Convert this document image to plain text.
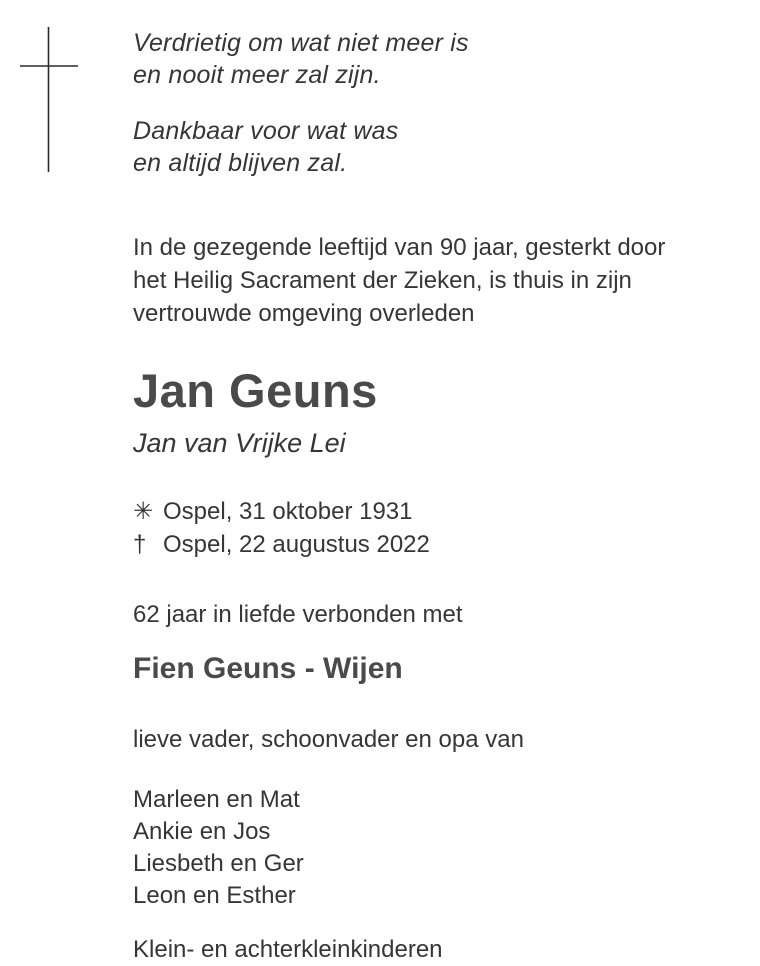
Verdrietig om wat niet meer is
en nooit meer zal zijn.
Dankbaar voor wat was
en altijd blijven zal.
In de gezegende leeftijd van 90 jaar, gesterkt door
het Heilig Sacrament der Zieken, is thuis in zijn
vertrouwde omgeving overleden
Jan Geuns
Jan van Vrijke Lei
✳ Ospel, 31 oktober 1931
† Ospel, 22 augustus 2022
62 jaar in liefde verbonden met
Fien Geuns - Wijen
lieve vader, schoonvader en opa van
Marleen en Mat
Ankie en Jos
Liesbeth en Ger
Leon en Esther
Klein- en achterkleinkinderen
